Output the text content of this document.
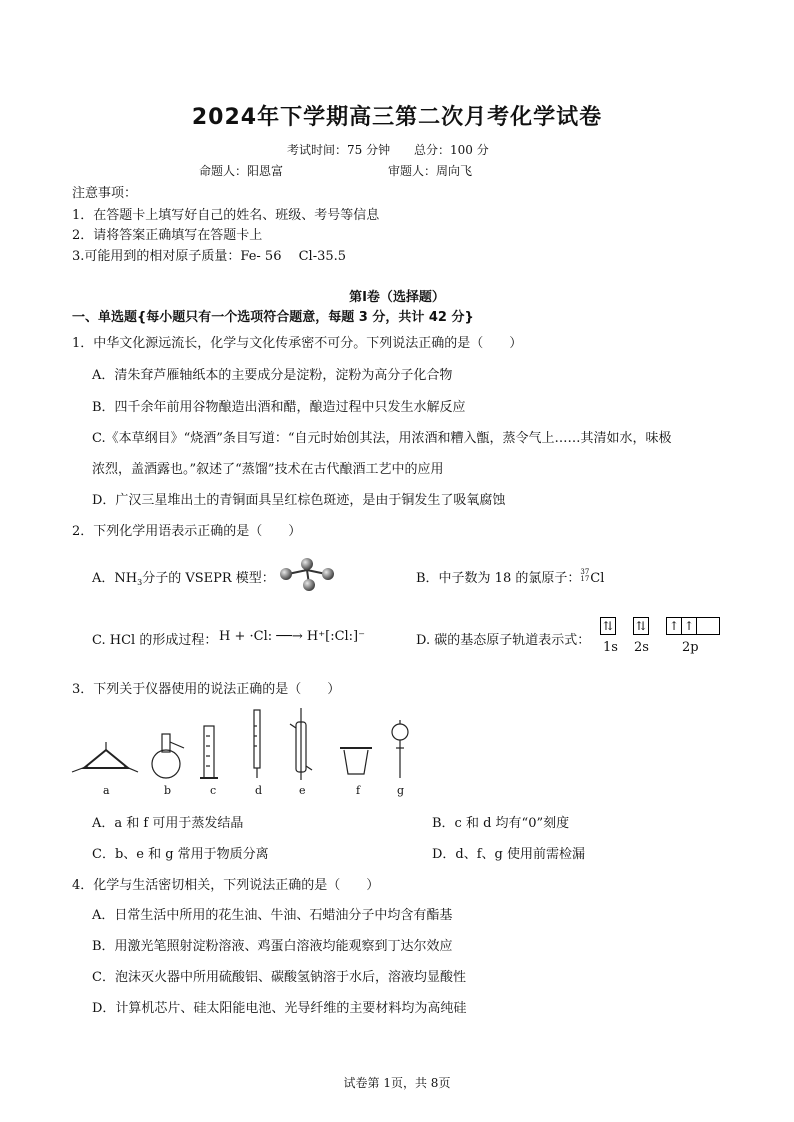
2024年下学期高三第二次月考化学试卷
考试时间：75 分钟 总分：100 分
命题人：阳恩富	审题人：周向飞
注意事项：
1．在答题卡上填写好自己的姓名、班级、考号等信息
2．请将答案正确填写在答题卡上
3.可能用到的相对原子质量：Fe- 56　 Cl-35.5
第Ⅰ卷（选择题）
一、单选题{每小题只有一个选项符合题意，每题 3 分，共计 42 分}
1．中华文化源远流长，化学与文化传承密不可分。下列说法正确的是（　　）
A．清朱耷芦雁轴纸本的主要成分是淀粉，淀粉为高分子化合物
B．四千余年前用谷物酿造出酒和醋，酿造过程中只发生水解反应
C.《本草纲目》“烧酒”条目写道：“自元时始创其法，用浓酒和糟入甑，蒸令气上……其清如水，味极
浓烈，盖酒露也。”叙述了“蒸馏”技术在古代酿酒工艺中的应用
D．广汉三星堆出土的青铜面具呈红棕色斑迹，是由于铜发生了吸氧腐蚀
2．下列化学用语表示正确的是（　　）
A．$NH_3$分子的 VSEPR 模型：	B．中子数为 18 的氯原子：37
17Cl
C. HCl 的形成过程： H + ·Cl: ──→ H⁺[:Cl:]⁻	D. 碳的基态原子轨道表示式：
⇅ ⇅ ↑ ↑
1s 2s	2p
3．下列关于仪器使用的说法正确的是（　　）
a	b	c	d	e	f	g
A．a 和 f 可用于蒸发结晶	B．c 和 d 均有“0”刻度
C．b、e 和 g 常用于物质分离	D．d、f、g 使用前需检漏
4．化学与生活密切相关，下列说法正确的是（　　）
A．日常生活中所用的花生油、牛油、石蜡油分子中均含有酯基
B．用激光笔照射淀粉溶液、鸡蛋白溶液均能观察到丁达尔效应
C．泡沫灭火器中所用硫酸铝、碳酸氢钠溶于水后，溶液均显酸性
D．计算机芯片、硅太阳能电池、光导纤维的主要材料均为高纯硅
试卷第 1页，共 8页
